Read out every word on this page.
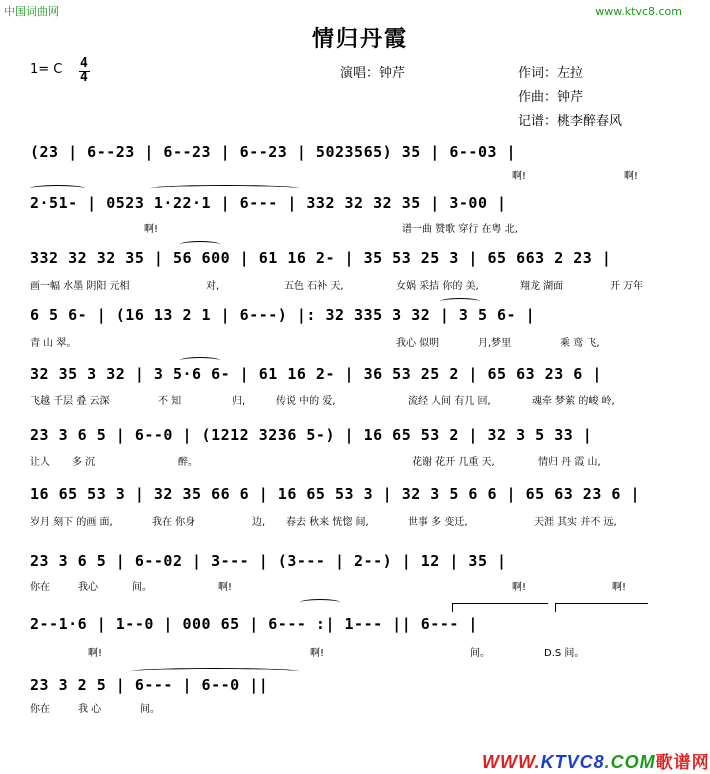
中国词曲网	www.ktvc8.com
情归丹霞
1= C 4
4	演唱：钟芹	作词：左拉
作曲：钟芹
记谱：桃李醉春风
(23 | 6--23 | 6--23 | 6--23 | 5023565) 35 | 6--03 |
啊!	啊!
2·51- | 0523 1·22·1 | 6--- | 332 32 32 35 | 3-00 |
啊!	谱一曲 赞歌 穿行 在粤 北,
332 32 32 35 | 56 600 | 61 16 2- | 35 53 25 3 | 65 663 2 23 |
画一幅 水墨 阴阳 元相	对,	五色 石补 天,	女娲 采拮 你的 美,	翔龙 湖面	开 万年
6 5 6- | (16 13 2 1 | 6---) |: 32 335 3 32 | 3 5 6- |
青 山 翠。	我心 似明	月,梦里	乘 鸾 飞,
32 35 3 32 | 3 5·6 6- | 61 16 2- | 36 53 25 2 | 65 63 23 6 |
飞越 千层 叠 云深	不 知	归,	传说 中的 爱,	流经 人间 有几 回,	魂牵 梦萦 的峻 岭,
23 3 6 5 | 6--0 | (1212 3236 5-) | 16 65 53 2 | 32 3 5 33 |
让人 多 沉	醉。	花谢 花开 几重 天,	情归 丹 霞 山,
16 65 53 3 | 32 35 66 6 | 16 65 53 3 | 32 3 5 6 6 | 65 63 23 6 |
岁月 刻下 的画 面,	我在 你身	边, 春去 秋来 恍惚 间,	世事 多 变迁,	天涯 其实 并不 远,
23 3 6 5 | 6--02 | 3--- | (3--- | 2--) | 12 | 35 |
你在	我心	间。	啊!	啊!	啊!
2--1·6 | 1--0 | 000 65 | 6--- :| 1--- || 6--- |
啊!	啊!	间。	D.S 间。
23 3 2 5 | 6--- | 6--0 ||
你在	我 心	间。
WWW.KTVC8.COM歌谱网
